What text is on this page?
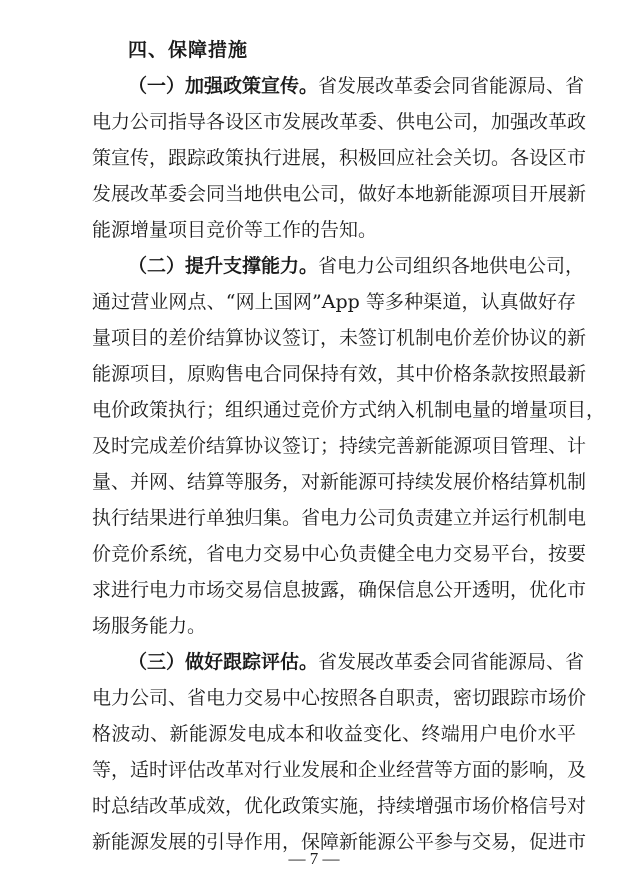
四、保障措施
（一）加强政策宣传。省发展改革委会同省能源局、省
电力公司指导各设区市发展改革委、供电公司，加强改革政
策宣传，跟踪政策执行进展，积极回应社会关切。各设区市
发展改革委会同当地供电公司，做好本地新能源项目开展新
能源增量项目竞价等工作的告知。
（二）提升支撑能力。省电力公司组织各地供电公司，
通过营业网点、“网上国网”App 等多种渠道，认真做好存
量项目的差价结算协议签订，未签订机制电价差价协议的新
能源项目，原购售电合同保持有效，其中价格条款按照最新
电价政策执行；组织通过竞价方式纳入机制电量的增量项目，
及时完成差价结算协议签订；持续完善新能源项目管理、计
量、并网、结算等服务，对新能源可持续发展价格结算机制
执行结果进行单独归集。省电力公司负责建立并运行机制电
价竞价系统，省电力交易中心负责健全电力交易平台，按要
求进行电力市场交易信息披露，确保信息公开透明，优化市
场服务能力。
（三）做好跟踪评估。省发展改革委会同省能源局、省
电力公司、省电力交易中心按照各自职责，密切跟踪市场价
格波动、新能源发电成本和收益变化、终端用户电价水平
等，适时评估改革对行业发展和企业经营等方面的影响，及
时总结改革成效，优化政策实施，持续增强市场价格信号对
新能源发展的引导作用，保障新能源公平参与交易，促进市
— 7 —
